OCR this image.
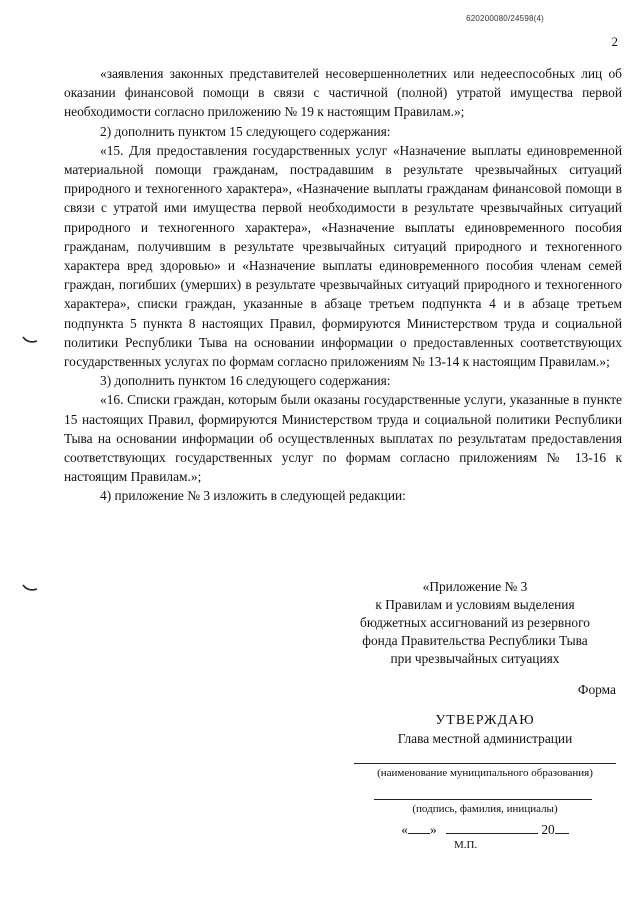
620200080/24598(4)
2

«заявления законных представителей несовершеннолетних или недееспособных лиц об оказании финансовой помощи в связи с частичной (полной) утратой имущества первой необходимости согласно приложению № 19 к настоящим Правилам.»;

2) дополнить пунктом 15 следующего содержания:

«15. Для предоставления государственных услуг «Назначение выплаты единовременной материальной помощи гражданам, пострадавшим в результате чрезвычайных ситуаций природного и техногенного характера», «Назначение выплаты гражданам финансовой помощи в связи с утратой ими имущества первой необходимости в результате чрезвычайных ситуаций природного и техногенного характера», «Назначение выплаты единовременного пособия гражданам, получившим в результате чрезвычайных ситуаций природного и техногенного характера вред здоровью» и «Назначение выплаты единовременного пособия членам семей граждан, погибших (умерших) в результате чрезвычайных ситуаций природного и техногенного характера», списки граждан, указанные в абзаце третьем подпункта 4 и в абзаце третьем подпункта 5 пункта 8 настоящих Правил, формируются Министерством труда и социальной политики Республики Тыва на основании информации о предоставленных соответствующих государственных услугах по формам согласно приложениям № 13-14 к настоящим Правилам.»;

3) дополнить пунктом 16 следующего содержания:

«16. Списки граждан, которым были оказаны государственные услуги, указанные в пункте 15 настоящих Правил, формируются Министерством труда и социальной политики Республики Тыва на основании информации об осуществленных выплатах по результатам предоставления соответствующих государственных услуг по формам согласно приложениям № 13-16 к настоящим Правилам.»;

4) приложение № 3 изложить в следующей редакции:

«Приложение № 3
к Правилам и условиям выделения
бюджетных ассигнований из резервного
фонда Правительства Республики Тыва
при чрезвычайных ситуациях
Форма
УТВЕРЖДАЮ
Глава местной администрации
(наименование муниципального образования)
(подпись, фамилия, инициалы)
« »	20
М.П.
